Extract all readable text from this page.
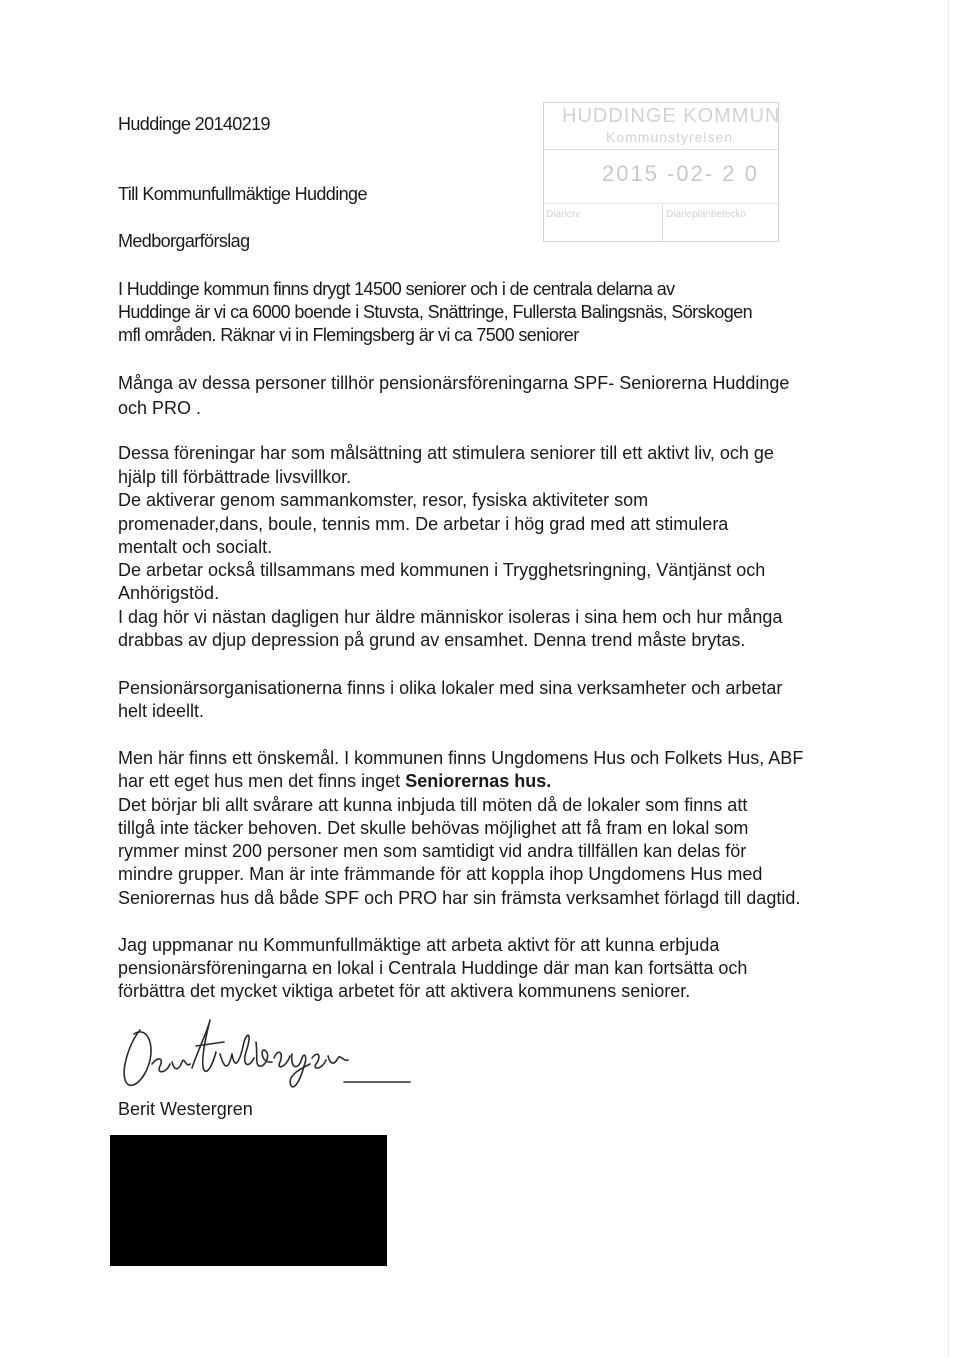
Huddinge 20140219

Till Kommunfullmäktige Huddinge

Medborgarförslag

HUDDINGE KOMMUN
Kommunstyrelsen
2015 -02- 2 0
Diarienr	Diarieplanbeteckn

I Huddinge kommun finns drygt 14500 seniorer och i de centrala delarna av

Huddinge är vi ca 6000 boende i Stuvsta, Snättringe, Fullersta Balingsnäs, Sörskogen

mfl områden. Räknar vi in Flemingsberg är vi ca 7500 seniorer

Många av dessa personer tillhör pensionärsföreningarna SPF- Seniorerna Huddinge

och PRO .

Dessa föreningar har som målsättning att stimulera seniorer till ett aktivt liv, och ge

hjälp till förbättrade livsvillkor.

De aktiverar genom sammankomster, resor, fysiska aktiviteter som

promenader,dans, boule, tennis mm. De arbetar i hög grad med att stimulera

mentalt och socialt.

De arbetar också tillsammans med kommunen i Trygghetsringning, Väntjänst och

Anhörigstöd.

I dag hör vi nästan dagligen hur äldre människor isoleras i sina hem och hur många

drabbas av djup depression på grund av ensamhet. Denna trend måste brytas.

Pensionärsorganisationerna finns i olika lokaler med sina verksamheter och arbetar

helt ideellt.

Men här finns ett önskemål. I kommunen finns Ungdomens Hus och Folkets Hus, ABF

har ett eget hus men det finns inget Seniorernas hus.

Det börjar bli allt svårare att kunna inbjuda till möten då de lokaler som finns att

tillgå inte täcker behoven. Det skulle behövas möjlighet att få fram en lokal som

rymmer minst 200 personer men som samtidigt vid andra tillfällen kan delas för

mindre grupper. Man är inte främmande för att koppla ihop Ungdomens Hus med

Seniorernas hus då både SPF och PRO har sin främsta verksamhet förlagd till dagtid.

Jag uppmanar nu Kommunfullmäktige att arbeta aktivt för att kunna erbjuda

pensionärsföreningarna en lokal i Centrala Huddinge där man kan fortsätta och

förbättra det mycket viktiga arbetet för att aktivera kommunens seniorer.

Berit Westergren
